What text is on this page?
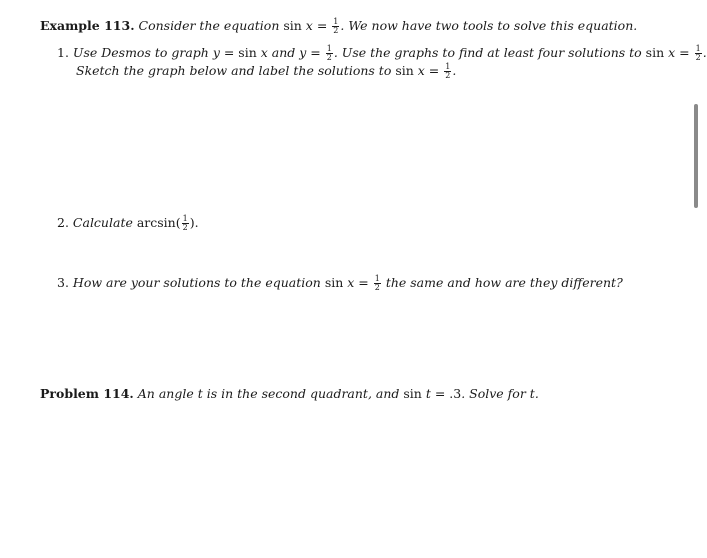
Example 113. Consider the equation $\sin x = \frac{1}{2}$ . We now have two tools to solve this equation.
1. Use Desmos to graph y = sin x and $y = \frac{1}{2}$ . Use the graphs to find at least four solutions to $\sin x = \frac{1}{2}$ .
Sketch the graph below and label the solutions to $\sin x = \frac{1}{2}$ .
2. Calculate $\arcsin( \frac{1}{2}$ ).
3. How are your solutions to the equation $\sin x = \frac{1}{2}$ the same and how are they different?
Problem 114. An angle t is in the second quadrant, and sin t = .3. Solve for t.
